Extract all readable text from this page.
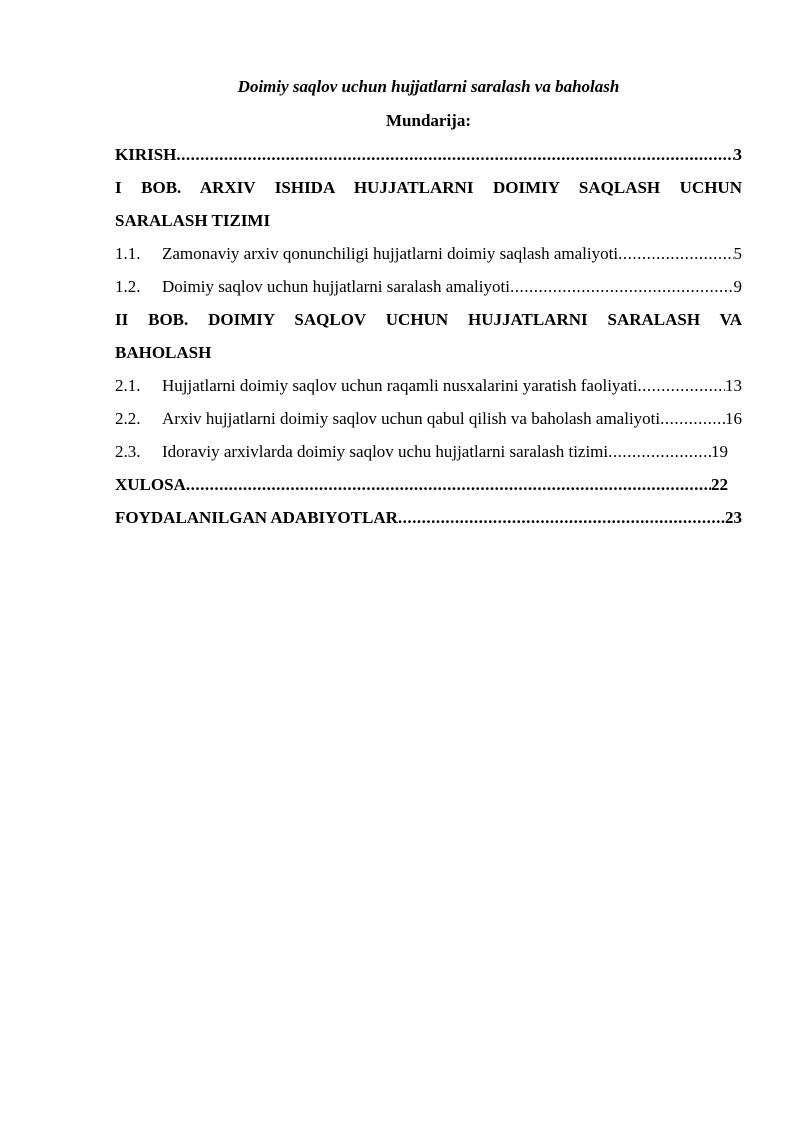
Doimiy saqlov uchun hujjatlarni saralash va baholash
Mundarija:
KIRISH .....	3
I BOB. ARXIV ISHIDA HUJJATLARNI DOIMIY SAQLASH UCHUN
SARALASH TIZIMI
1.1.	Zamonaviy arxiv qonunchiligi hujjatlarni doimiy saqlash amaliyoti .....	5
1.2.	Doimiy saqlov uchun hujjatlarni saralash amaliyoti .....	9
II BOB. DOIMIY SAQLOV UCHUN HUJJATLARNI SARALASH VA
BAHOLASH
2.1.	Hujjatlarni doimiy saqlov uchun raqamli nusxalarini yaratish faoliyati .....	13
2.2.	Arxiv hujjatlarni doimiy saqlov uchun qabul qilish va baholash amaliyoti .....	16
2.3.	Idoraviy arxivlarda doimiy saqlov uchu hujjatlarni saralash tizimi .....	19
XULOSA .....	22
FOYDALANILGAN ADABIYOTLAR .....	23
